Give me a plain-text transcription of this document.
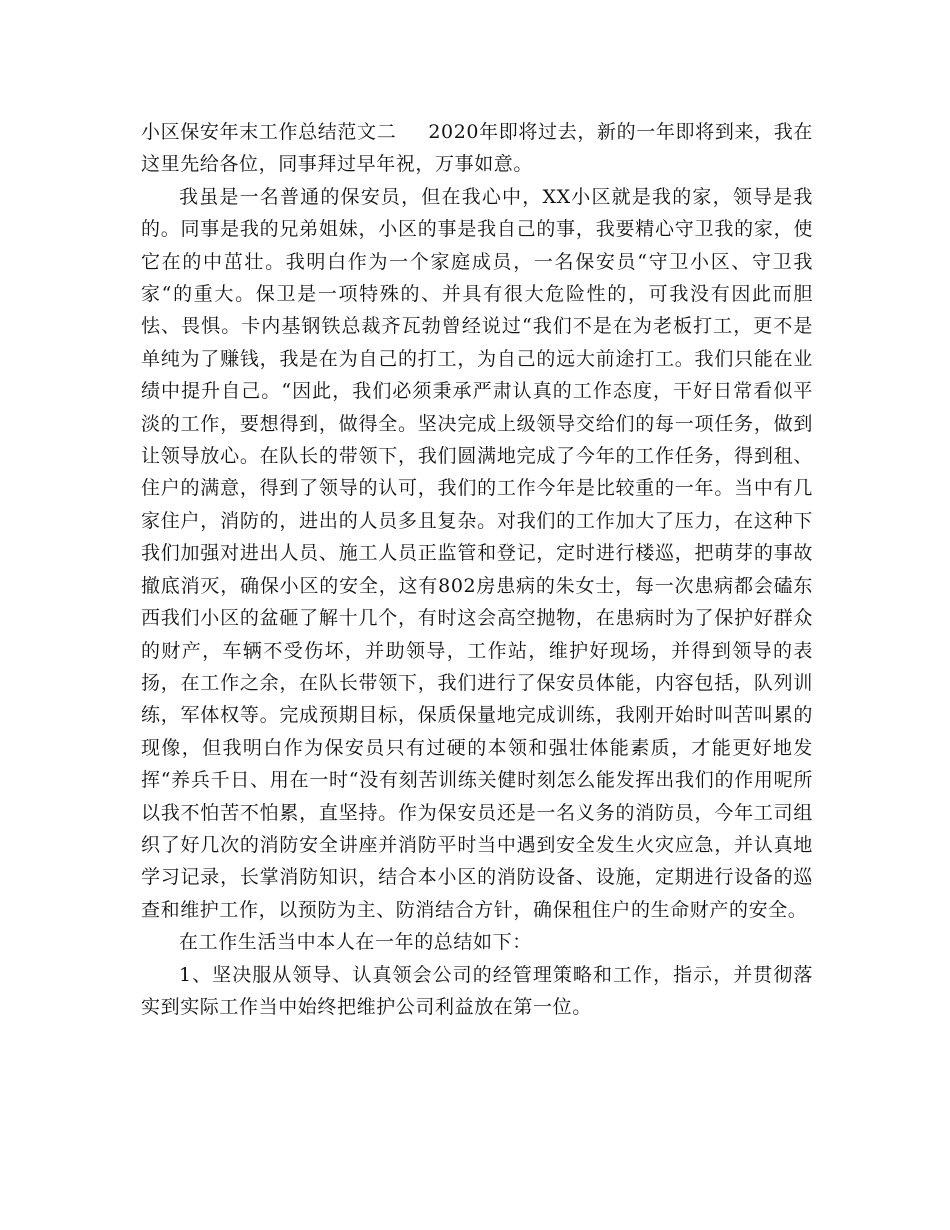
小区保安年末工作总结范文二 2020年即将过去，新的一年即将到来，我在这里先给各位，同事拜过早年祝，万事如意。

我虽是一名普通的保安员，但在我心中，XX小区就是我的家，领导是我的。同事是我的兄弟姐妹，小区的事是我自己的事，我要精心守卫我的家，使它在的中茁壮。我明白作为一个家庭成员，一名保安员“守卫小区、守卫我家“的重大。保卫是一项特殊的、并具有很大危险性的，可我没有因此而胆怯、畏惧。卡内基钢铁总裁齐瓦勃曾经说过“我们不是在为老板打工，更不是单纯为了赚钱，我是在为自己的打工，为自己的远大前途打工。我们只能在业绩中提升自己。“因此，我们必须秉承严肃认真的工作态度，干好日常看似平淡的工作，要想得到，做得全。坚决完成上级领导交给们的每一项任务，做到让领导放心。在队长的带领下，我们圆满地完成了今年的工作任务，得到租、住户的满意，得到了领导的认可，我们的工作今年是比较重的一年。当中有几家住户，消防的，进出的人员多且复杂。对我们的工作加大了压力，在这种下我们加强对进出人员、施工人员正监管和登记，定时进行楼巡，把萌芽的事故撤底消灭，确保小区的安全，这有802房患病的朱女士，每一次患病都会磕东西我们小区的盆砸了解十几个，有时这会高空抛物，在患病时为了保护好群众的财产，车辆不受伤坏，并助领导，工作站，维护好现场，并得到领导的表扬，在工作之余，在队长带领下，我们进行了保安员体能，内容包括，队列训练，军体权等。完成预期目标，保质保量地完成训练，我刚开始时叫苦叫累的现像，但我明白作为保安员只有过硬的本领和强壮体能素质，才能更好地发挥“养兵千日、用在一时“没有刻苦训练关健时刻怎么能发挥出我们的作用呢所以我不怕苦不怕累，直坚持。作为保安员还是一名义务的消防员，今年工司组织了好几次的消防安全讲座并消防平时当中遇到安全发生火灾应急，并认真地学习记录，长掌消防知识，结合本小区的消防设备、设施，定期进行设备的巡查和维护工作，以预防为主、防消结合方针，确保租住户的生命财产的安全。

在工作生活当中本人在一年的总结如下：

1、坚决服从领导、认真领会公司的经管理策略和工作，指示，并贯彻落实到实际工作当中始终把维护公司利益放在第一位。
